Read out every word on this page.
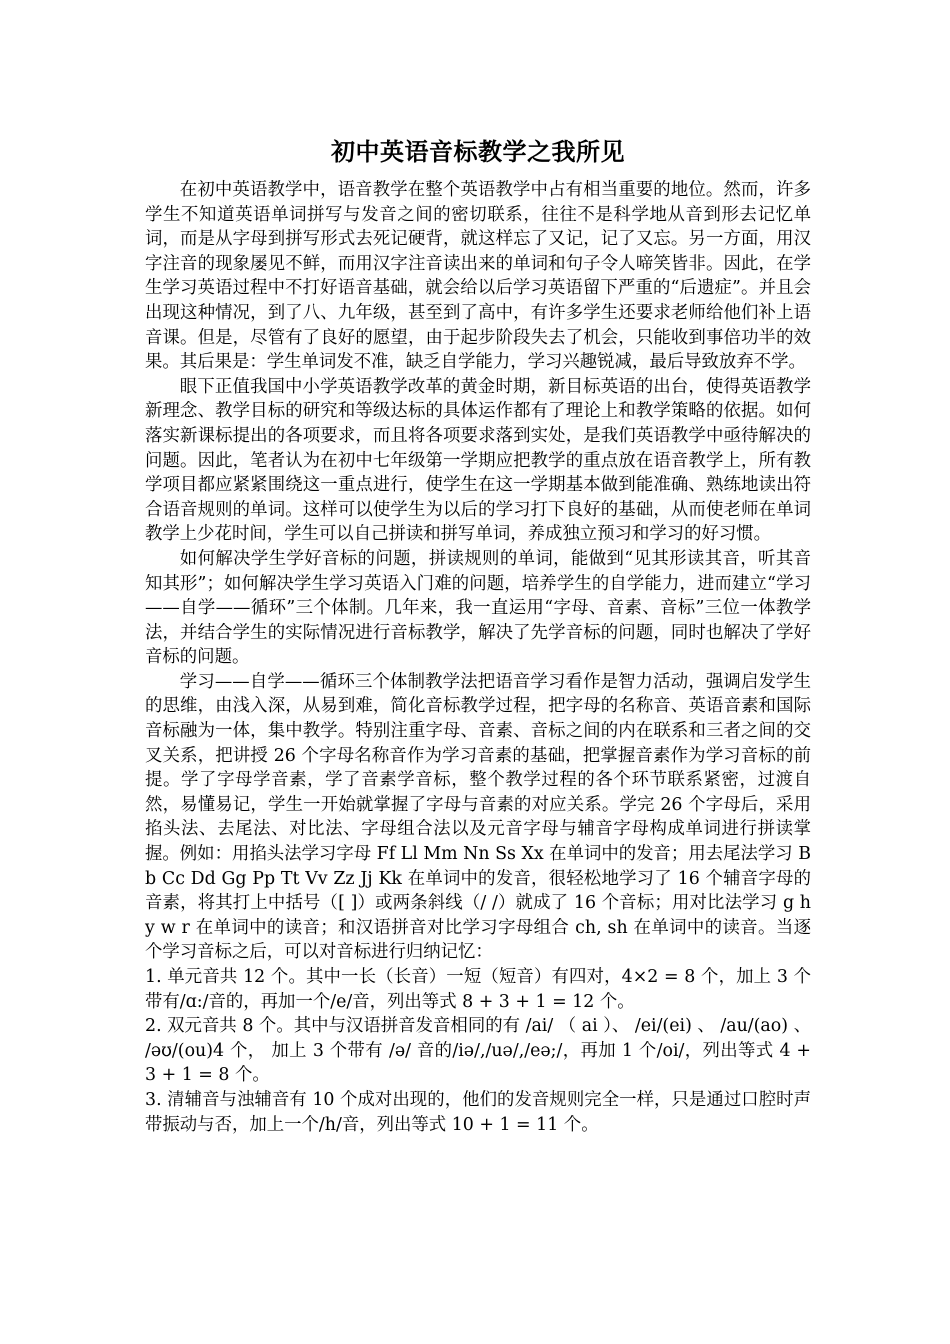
初中英语音标教学之我所见

在初中英语教学中，语音教学在整个英语教学中占有相当重要的地位。然而，许多学生不知道英语单词拼写与发音之间的密切联系，往往不是科学地从音到形去记忆单词，而是从字母到拼写形式去死记硬背，就这样忘了又记，记了又忘。另一方面，用汉字注音的现象屡见不鲜，而用汉字注音读出来的单词和句子令人啼笑皆非。因此，在学生学习英语过程中不打好语音基础，就会给以后学习英语留下严重的“后遗症”。并且会出现这种情况，到了八、九年级，甚至到了高中，有许多学生还要求老师给他们补上语音课。但是，尽管有了良好的愿望，由于起步阶段失去了机会，只能收到事倍功半的效果。其后果是：学生单词发不准，缺乏自学能力，学习兴趣锐减，最后导致放弃不学。

眼下正值我国中小学英语教学改革的黄金时期，新目标英语的出台，使得英语教学新理念、教学目标的研究和等级达标的具体运作都有了理论上和教学策略的依据。如何落实新课标提出的各项要求，而且将各项要求落到实处，是我们英语教学中亟待解决的问题。因此，笔者认为在初中七年级第一学期应把教学的重点放在语音教学上，所有教学项目都应紧紧围绕这一重点进行，使学生在这一学期基本做到能准确、熟练地读出符合语音规则的单词。这样可以使学生为以后的学习打下良好的基础，从而使老师在单词教学上少花时间，学生可以自己拼读和拼写单词，养成独立预习和学习的好习惯。

如何解决学生学好音标的问题，拼读规则的单词，能做到“见其形读其音，听其音知其形”；如何解决学生学习英语入门难的问题，培养学生的自学能力，进而建立“学习——自学——循环”三个体制。几年来，我一直运用“字母、音素、音标”三位一体教学法，并结合学生的实际情况进行音标教学，解决了先学音标的问题，同时也解决了学好音标的问题。

学习——自学——循环三个体制教学法把语音学习看作是智力活动，强调启发学生的思维，由浅入深，从易到难，简化音标教学过程，把字母的名称音、英语音素和国际音标融为一体，集中教学。特别注重字母、音素、音标之间的内在联系和三者之间的交叉关系，把讲授 26 个字母名称音作为学习音素的基础，把掌握音素作为学习音标的前提。学了字母学音素，学了音素学音标，整个教学过程的各个环节联系紧密，过渡自然，易懂易记，学生一开始就掌握了字母与音素的对应关系。学完 26 个字母后，采用掐头法、去尾法、对比法、字母组合法以及元音字母与辅音字母构成单词进行拼读掌握。例如：用掐头法学习字母 Ff Ll Mm Nn Ss Xx 在单词中的发音；用去尾法学习 Bb Cc Dd Gg Pp Tt Vv Zz Jj Kk 在单词中的发音，很轻松地学习了 16 个辅音字母的音素，将其打上中括号（[ ]）或两条斜线（/ /）就成了 16 个音标；用对比法学习 g h y w r 在单词中的读音；和汉语拼音对比学习字母组合 ch, sh 在单词中的读音。当逐个学习音标之后，可以对音标进行归纳记忆：

1. 单元音共 12 个。其中一长（长音）一短（短音）有四对，4×2 = 8 个，加上 3 个带有/ɑ:/音的，再加一个/e/音，列出等式 8 + 3 + 1 = 12 个。

2. 双元音共 8 个。其中与汉语拼音发音相同的有 /ai/ （ ai ）、 /ei/(ei) 、 /au/(ao) 、 /əʊ/(ou)4 个， 加上 3 个带有 /ə/ 音的/iə/,/uə/,/eə;/，再加 1 个/oi/，列出等式 4 + 3 + 1 = 8 个。

3. 清辅音与浊辅音有 10 个成对出现的，他们的发音规则完全一样，只是通过口腔时声带振动与否，加上一个/h/音，列出等式 10 + 1 = 11 个。
